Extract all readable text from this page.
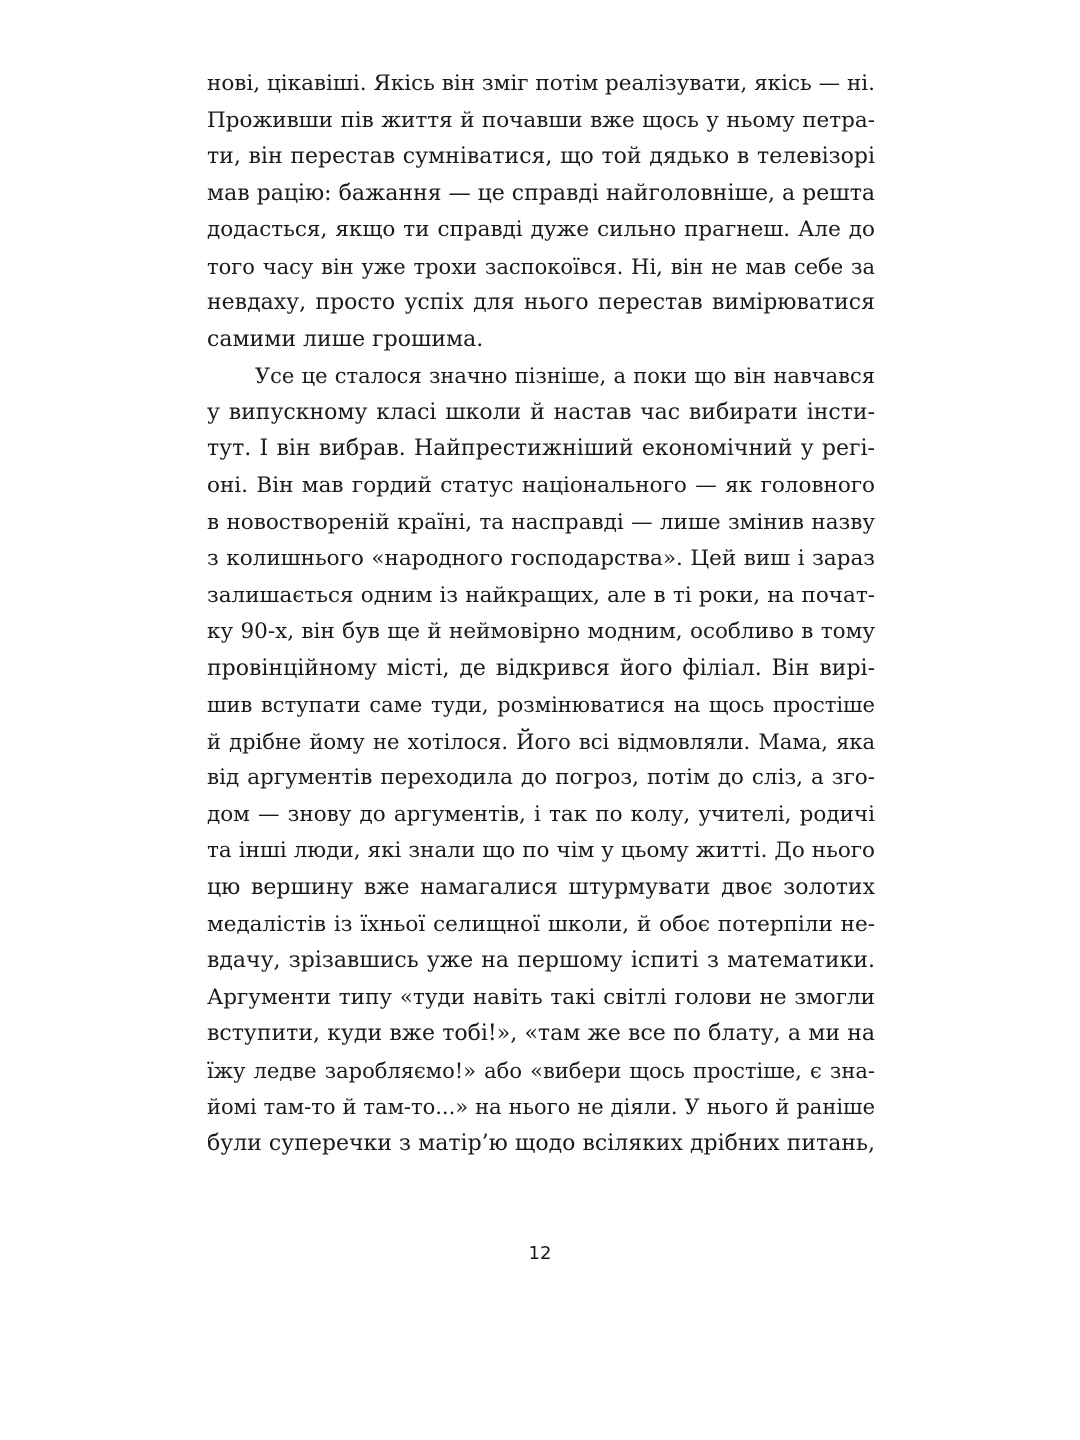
нові, цікавіші. Якісь він зміг потім реалізувати, якісь — ні.
Проживши пів життя й почавши вже щось у ньому петра-
ти, він перестав сумніватися, що той дядько в телевізорі
мав рацію: бажання — це справді найголовніше, а решта
додасться, якщо ти справді дуже сильно прагнеш. Але до
того часу він уже трохи заспокоївся. Ні, він не мав себе за
невдаху, просто успіх для нього перестав вимірюватися
самими лише грошима.
Усе це сталося значно пізніше, а поки що він навчався
у випускному класі школи й настав час вибирати інсти-
тут. І він вибрав. Найпрестижніший економічний у регі-
оні. Він мав гордий статус національного — як головного
в новоствореній країні, та насправді — лише змінив назву
з колишнього «народного господарства». Цей виш і зараз
залишається одним із найкращих, але в ті роки, на почат-
ку 90-х, він був ще й неймовірно модним, особливо в тому
провінційному місті, де відкрився його філіал. Він вирі-
шив вступати саме туди, розмінюватися на щось простіше
й дрібне йому не хотілося. Його всі відмовляли. Мама, яка
від аргументів переходила до погроз, потім до сліз, а зго-
дом — знову до аргументів, і так по колу, учителі, родичі
та інші люди, які знали що по чім у цьому житті. До нього
цю вершину вже намагалися штурмувати двоє золотих
медалістів із їхньої селищної школи, й обоє потерпіли не-
вдачу, зрізавшись уже на першому іспиті з математики.
Аргументи типу «туди навіть такі світлі голови не змогли
вступити, куди вже тобі!», «там же все по блату, а ми на
їжу ледве заробляємо!» або «вибери щось простіше, є зна-
йомі там-то й там-то...» на нього не діяли. У нього й раніше
були суперечки з матір’ю щодо всіляких дрібних питань,
12
